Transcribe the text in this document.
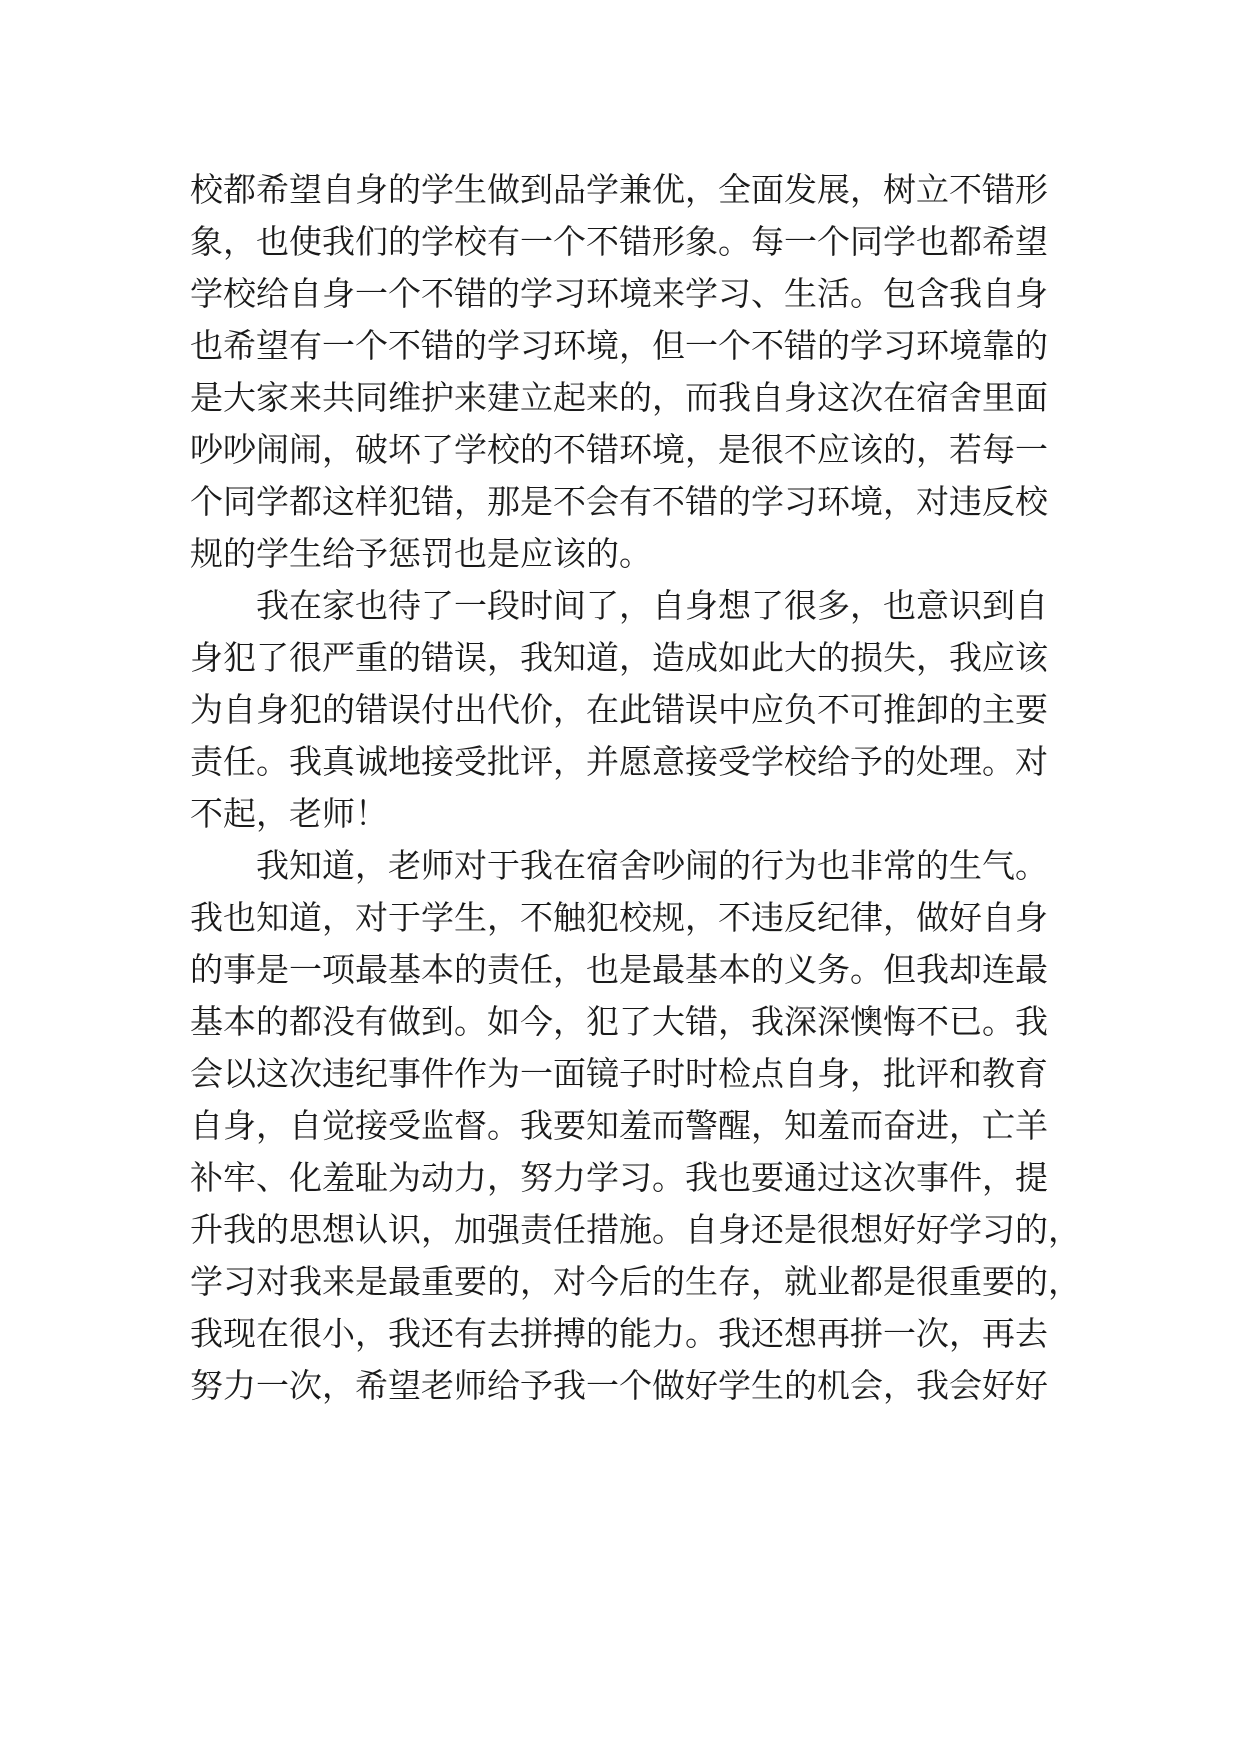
校都希望自身的学生做到品学兼优，全面发展，树立不错形
象，也使我们的学校有一个不错形象。每一个同学也都希望
学校给自身一个不错的学习环境来学习、生活。包含我自身
也希望有一个不错的学习环境，但一个不错的学习环境靠的
是大家来共同维护来建立起来的，而我自身这次在宿舍里面
吵吵闹闹，破坏了学校的不错环境，是很不应该的，若每一
个同学都这样犯错，那是不会有不错的学习环境，对违反校
规的学生给予惩罚也是应该的。
我在家也待了一段时间了，自身想了很多，也意识到自
身犯了很严重的错误，我知道，造成如此大的损失，我应该
为自身犯的错误付出代价，在此错误中应负不可推卸的主要
责任。我真诚地接受批评，并愿意接受学校给予的处理。对
不起，老师！
我知道，老师对于我在宿舍吵闹的行为也非常的生气。
我也知道，对于学生，不触犯校规，不违反纪律，做好自身
的事是一项最基本的责任，也是最基本的义务。但我却连最
基本的都没有做到。如今，犯了大错，我深深懊悔不已。我
会以这次违纪事件作为一面镜子时时检点自身，批评和教育
自身，自觉接受监督。我要知羞而警醒，知羞而奋进，亡羊
补牢、化羞耻为动力，努力学习。我也要通过这次事件，提
升我的思想认识，加强责任措施。自身还是很想好好学习的，
学习对我来是最重要的，对今后的生存，就业都是很重要的，
我现在很小，我还有去拼搏的能力。我还想再拼一次，再去
努力一次，希望老师给予我一个做好学生的机会，我会好好
